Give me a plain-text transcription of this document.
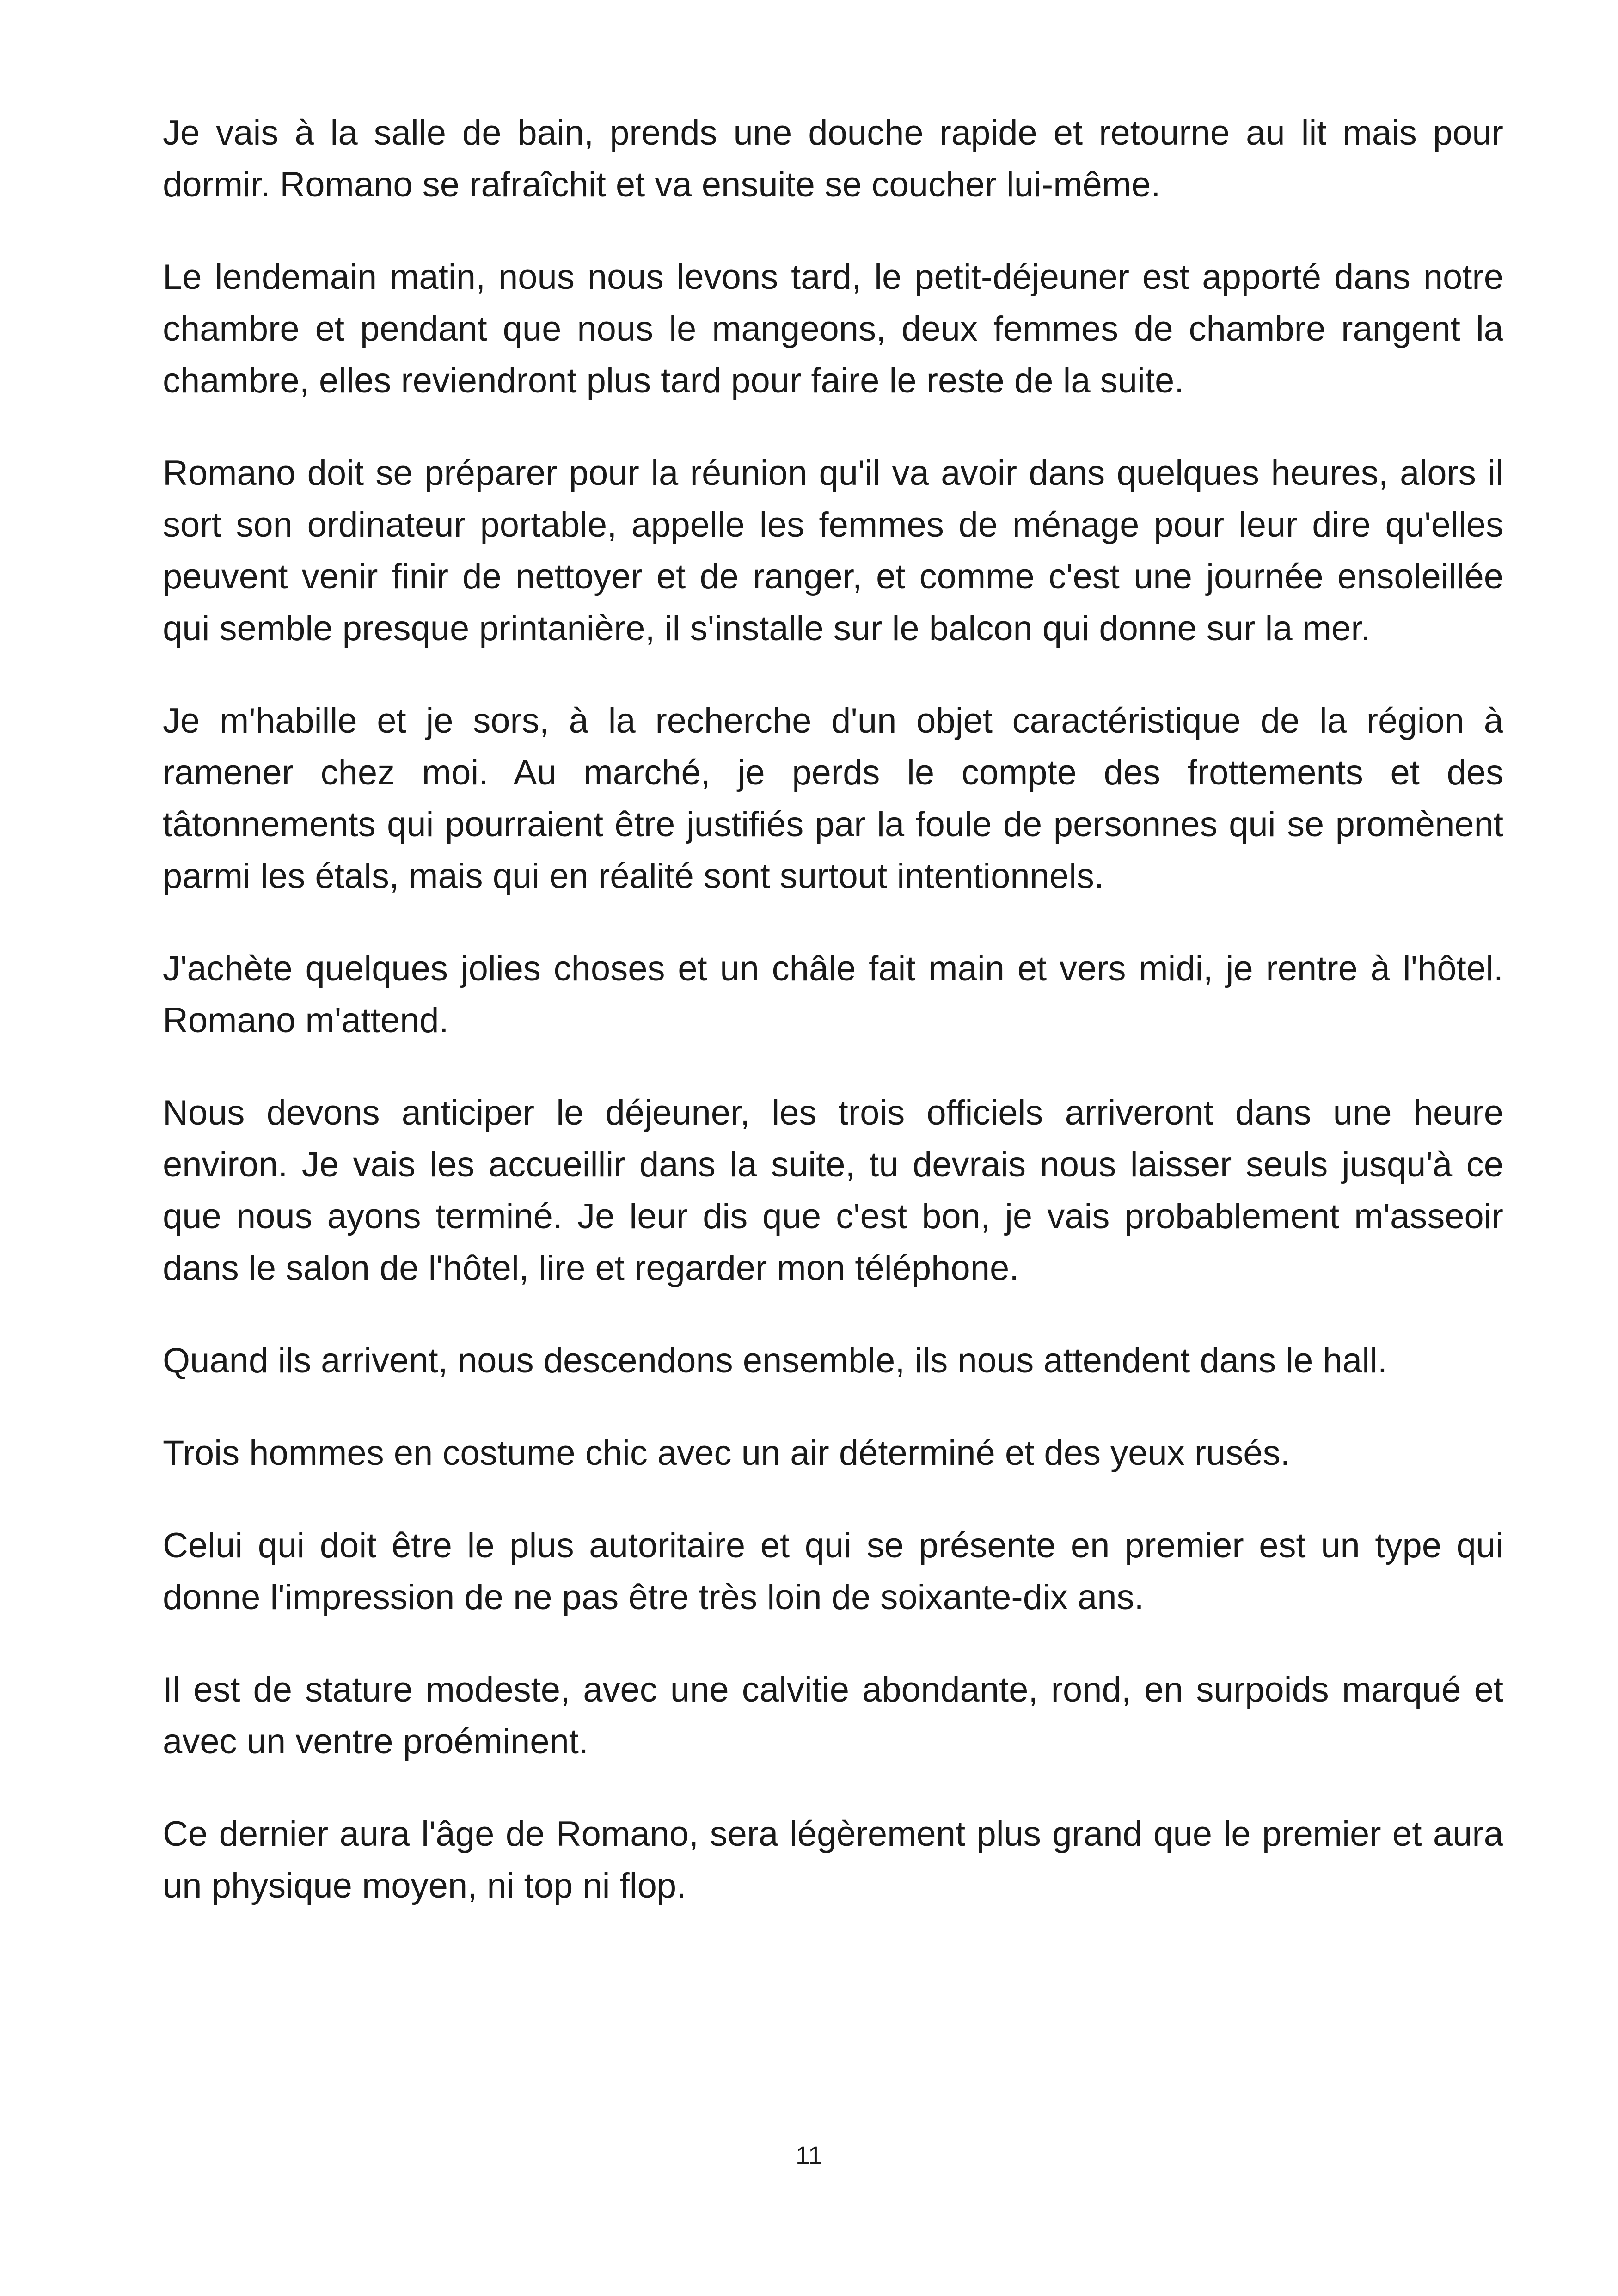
Je vais à la salle de bain, prends une douche rapide et retourne au lit mais pour dormir. Romano se rafraîchit et va ensuite se coucher lui-même.

Le lendemain matin, nous nous levons tard, le petit-déjeuner est apporté dans notre chambre et pendant que nous le mangeons, deux femmes de chambre rangent la chambre, elles reviendront plus tard pour faire le reste de la suite.

Romano doit se préparer pour la réunion qu'il va avoir dans quelques heures, alors il sort son ordinateur portable, appelle les femmes de ménage pour leur dire qu'elles peuvent venir finir de nettoyer et de ranger, et comme c'est une journée ensoleillée qui semble presque printanière, il s'installe sur le balcon qui donne sur la mer.

Je m'habille et je sors, à la recherche d'un objet caractéristique de la région à ramener chez moi. Au marché, je perds le compte des frottements et des tâtonnements qui pourraient être justifiés par la foule de personnes qui se promènent parmi les étals, mais qui en réalité sont surtout intentionnels.

J'achète quelques jolies choses et un châle fait main et vers midi, je rentre à l'hôtel. Romano m'attend.

Nous devons anticiper le déjeuner, les trois officiels arriveront dans une heure environ. Je vais les accueillir dans la suite, tu devrais nous laisser seuls jusqu'à ce que nous ayons terminé. Je leur dis que c'est bon, je vais probablement m'asseoir dans le salon de l'hôtel, lire et regarder mon téléphone.

Quand ils arrivent, nous descendons ensemble, ils nous attendent dans le hall.

Trois hommes en costume chic avec un air déterminé et des yeux rusés.

Celui qui doit être le plus autoritaire et qui se présente en premier est un type qui donne l'impression de ne pas être très loin de soixante-dix ans.

Il est de stature modeste, avec une calvitie abondante, rond, en surpoids marqué et avec un ventre proéminent.

Ce dernier aura l'âge de Romano, sera légèrement plus grand que le premier et aura un physique moyen, ni top ni flop.

11
